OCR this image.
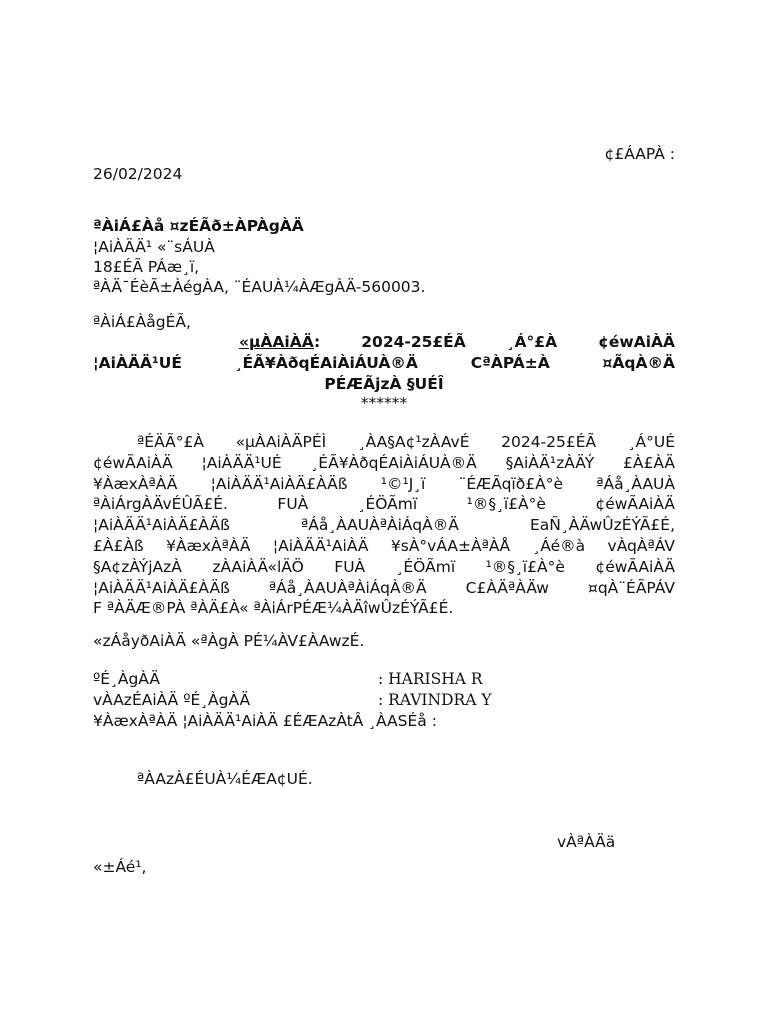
¢£ÁAPÀ :
26/02/2024
ªÀiÁ£Àå ¤zÉÃð±ÀPÀgÀÄ
¦AiÀÄÄ¹ «¨sÁUÀ
18£ÉÃ PÁæ¸ï,
ªÀÄ¯ÉèÃ±ÀégÀA, ¨ÉAUÀ¼ÀÆgÀÄ-560003.
ªÀiÁ£ÀågÉÃ,
«µÀAiÀÄ:	2024-25£ÉÃ ¸Á°£À ¢éwAiÀÄ
¦AiÀÄÄ¹UÉ ¸ÉÃ¥ÀðqÉAiÀiÁUÀ®Ä CªÀPÁ±À ¤ÃqÀ®Ä
PÉÆÃjzÀ §UÉÎ
******
ªÉÄÃ°£À «µÀAiÀÄPÉÌ ¸ÀA§A¢¹zÀAvÉ 2024-25£ÉÃ ¸Á°UÉ
¢éwÃAiÀÄ ¦AiÀÄÄ¹UÉ ¸ÉÃ¥ÀðqÉAiÀiÁUÀ®Ä §AiÀÄ¹zÀÄÝ £À£ÀÄ
¥ÀæxÀªÀÄ ¦AiÀÄÄ¹AiÀÄ£ÀÄß ¹©¹J¸ï ¨ÉÆÃqïð£À°è ªÁå¸ÀAUÀ
ªÀiÁrgÀÄvÉÛÃ£É. FUÀ ¸ÉÖÃmï ¹®§¸ï£À°è ¢éwÃAiÀÄ
¦AiÀÄÄ¹AiÀÄ£ÀÄß ªÁå¸ÀAUÀªÀiÁqÀ®Ä EaÑ¸ÀÄwÛzÉÝÃ£É,
£À£Àß ¥ÀæxÀªÀÄ ¦AiÀÄÄ¹AiÀÄ ¥sÀ°vÁA±ÀªÀÅ ¸Áé®à vÀqÀªÁV
§A¢zÀÝjAzÀ zÀAiÀÄ«lÄÖ FUÀ ¸ÉÖÃmï ¹®§¸ï£À°è ¢éwÃAiÀÄ
¦AiÀÄÄ¹AiÀÄ£ÀÄß ªÁå¸ÀAUÀªÀiÁqÀ®Ä C£ÀÄªÀÄw ¤qÀ¨ÉÃPÁV
F ªÀÄÆ®PÀ ªÀÄ£À« ªÀiÁrPÉÆ¼ÀÄîwÛzÉÝÃ£É.
«zÁåyðAiÀÄ «ªÀgÀ PÉ¼ÀV£ÀAwzÉ.
ºÉ¸ÀgÀÄ	: HARISHA R
vÀAzÉAiÀÄ ºÉ¸ÀgÀÄ	: RAVINDRA Y
¥ÀæxÀªÀÄ ¦AiÀÄÄ¹AiÀÄ £ÉÆAzÀtÂ ¸ÀASÉå :
ªÀAzÀ£ÉUÀ¼ÉÆA¢UÉ.
vÀªÀÄä
«±Áé¹,
